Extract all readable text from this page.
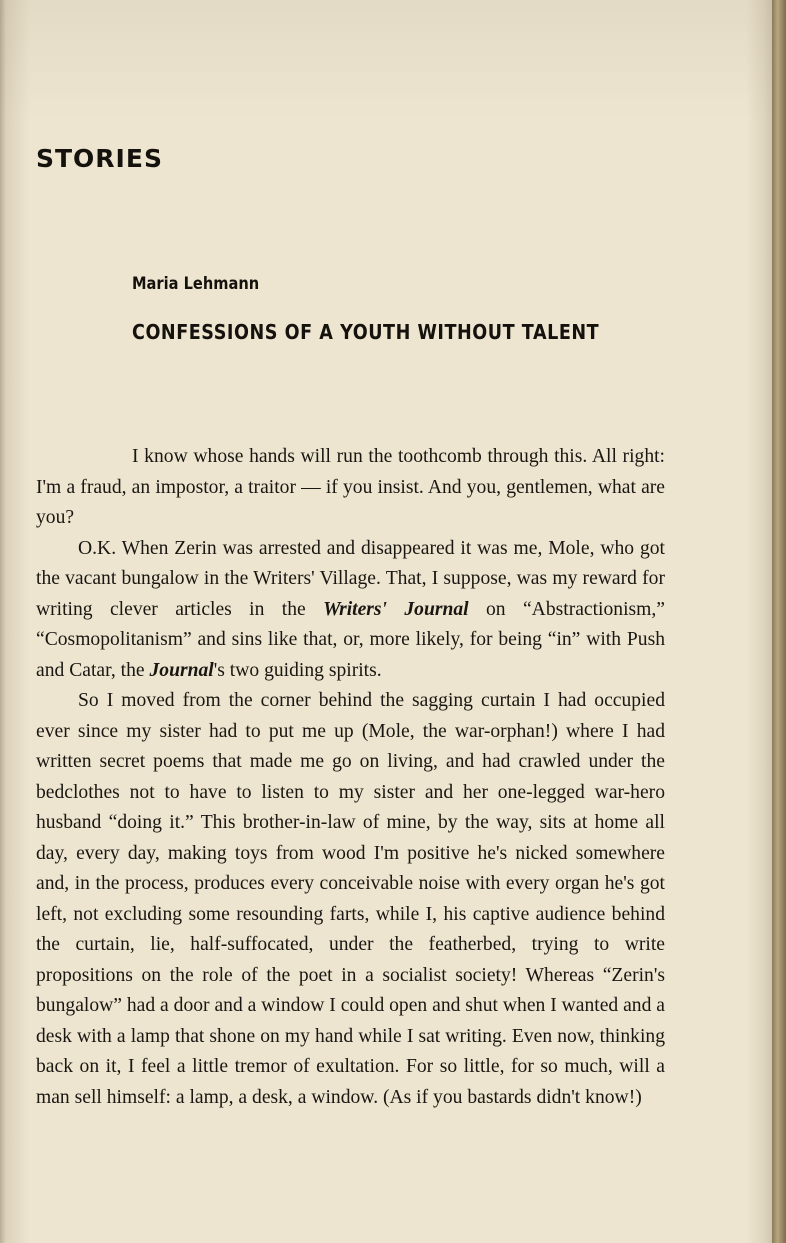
STORIES
Maria Lehmann
CONFESSIONS OF A YOUTH WITHOUT TALENT

I know whose hands will run the toothcomb through this. All right: I'm a fraud, an impostor, a traitor — if you insist. And you, gentlemen, what are you?

O.K. When Zerin was arrested and disappeared it was me, Mole, who got the vacant bungalow in the Writers' Village. That, I suppose, was my reward for writing clever articles in the Writers' Journal on “Abstractionism,” “Cosmopolitanism” and sins like that, or, more likely, for being “in” with Push and Catar, the Journal's two guiding spirits.

So I moved from the corner behind the sagging curtain I had occupied ever since my sister had to put me up (Mole, the war-orphan!) where I had written secret poems that made me go on living, and had crawled under the bedclothes not to have to listen to my sister and her one-legged war-hero husband “doing it.” This brother-in-law of mine, by the way, sits at home all day, every day, making toys from wood I'm positive he's nicked somewhere and, in the process, produces every conceivable noise with every organ he's got left, not excluding some resounding farts, while I, his captive audience behind the curtain, lie, half-suffocated, under the featherbed, trying to write propositions on the role of the poet in a socialist society! Whereas “Zerin's bungalow” had a door and a window I could open and shut when I wanted and a desk with a lamp that shone on my hand while I sat writing. Even now, thinking back on it, I feel a little tremor of exultation. For so little, for so much, will a man sell himself: a lamp, a desk, a window. (As if you bastards didn't know!)
